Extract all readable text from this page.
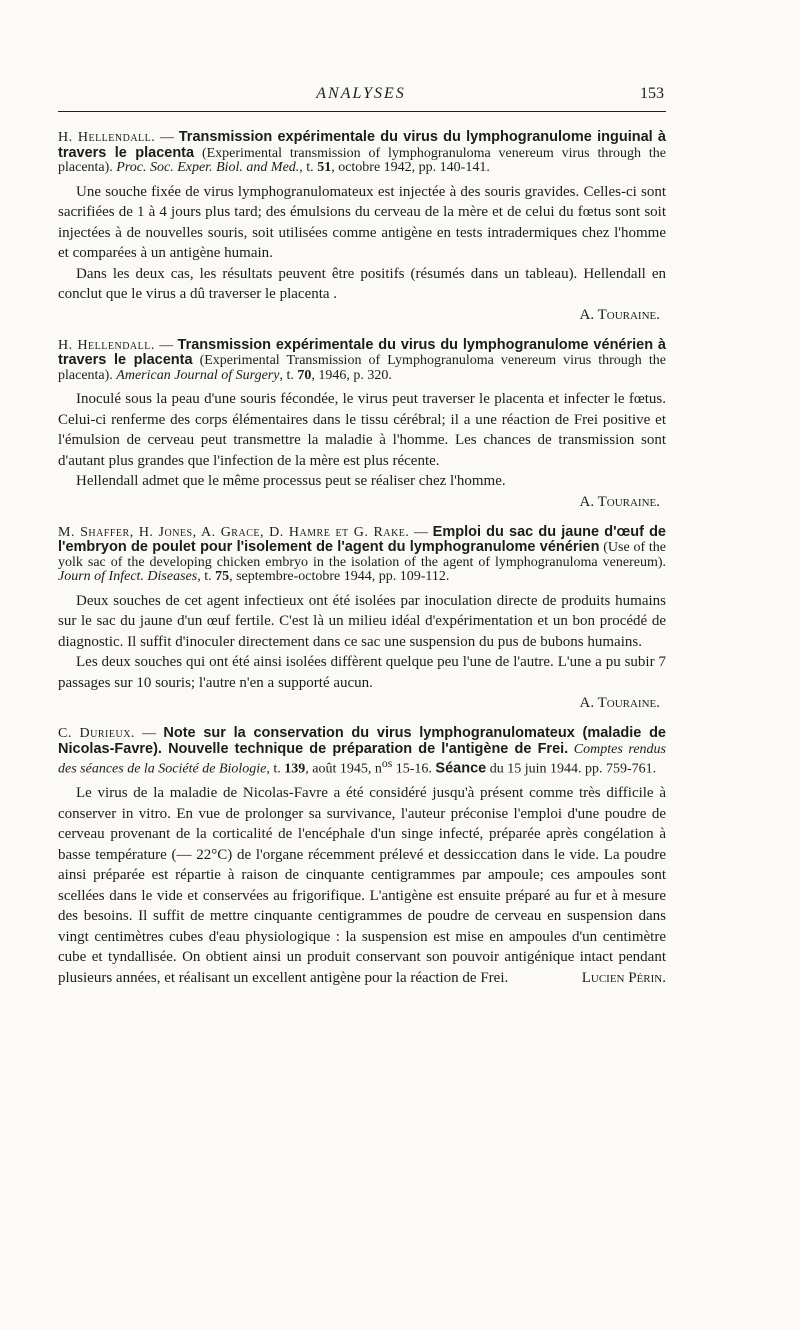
ANALYSES	153
H. Hellendall. — Transmission expérimentale du virus du lymphogranulome inguinal à travers le placenta (Experimental transmission of lymphogranuloma venereum virus through the placenta). Proc. Soc. Exper. Biol. and Med., t. 51, octobre 1942, pp. 140-141.

Une souche fixée de virus lymphogranulomateux est injectée à des souris gravides. Celles-ci sont sacrifiées de 1 à 4 jours plus tard; des émulsions du cerveau de la mère et de celui du fœtus sont soit injectées à de nouvelles souris, soit utilisées comme antigène en tests intradermiques chez l'homme et comparées à un antigène humain.

Dans les deux cas, les résultats peuvent être positifs (résumés dans un tableau). Hellendall en conclut que le virus a dû traverser le placenta .

A. Touraine.
H. Hellendall. — Transmission expérimentale du virus du lymphogranulome vénérien à travers le placenta (Experimental Transmission of Lymphogranuloma venereum virus through the placenta). American Journal of Surgery, t. 70, 1946, p. 320.

Inoculé sous la peau d'une souris fécondée, le virus peut traverser le placenta et infecter le fœtus. Celui-ci renferme des corps élémentaires dans le tissu cérébral; il a une réaction de Frei positive et l'émulsion de cerveau peut transmettre la maladie à l'homme. Les chances de transmission sont d'autant plus grandes que l'infection de la mère est plus récente.

Hellendall admet que le même processus peut se réaliser chez l'homme.

A. Touraine.
M. Shaffer, H. Jones, A. Grace, D. Hamre et G. Rake. — Emploi du sac du jaune d'œuf de l'embryon de poulet pour l'isolement de l'agent du lymphogranulome vénérien (Use of the yolk sac of the developing chicken embryo in the isolation of the agent of lymphogranuloma venereum). Journ of Infect. Diseases, t. 75, septembre-octobre 1944, pp. 109-112.

Deux souches de cet agent infectieux ont été isolées par inoculation directe de produits humains sur le sac du jaune d'un œuf fertile. C'est là un milieu idéal d'expérimentation et un bon procédé de diagnostic. Il suffit d'inoculer directement dans ce sac une suspension du pus de bubons humains.

Les deux souches qui ont été ainsi isolées diffèrent quelque peu l'une de l'autre. L'une a pu subir 7 passages sur 10 souris; l'autre n'en a supporté aucun.

A. Touraine.
C. Durieux. — Note sur la conservation du virus lymphogranulomateux (maladie de Nicolas-Favre). Nouvelle technique de préparation de l'antigène de Frei. Comptes rendus des séances de la Société de Biologie, t. 139, août 1945, $n^{os}$ 15-16. Séance du 15 juin 1944. pp. 759-761.

Le virus de la maladie de Nicolas-Favre a été considéré jusqu'à présent comme très difficile à conserver in vitro. En vue de prolonger sa survivance, l'auteur préconise l'emploi d'une poudre de cerveau provenant de la corticalité de l'encéphale d'un singe infecté, préparée après congélation à basse température (— 22°C) de l'organe récemment prélevé et dessiccation dans le vide. La poudre ainsi préparée est répartie à raison de cinquante centigrammes par ampoule; ces ampoules sont scellées dans le vide et conservées au frigorifique. L'antigène est ensuite préparé au fur et à mesure des besoins. Il suffit de mettre cinquante centigrammes de poudre de cerveau en suspension dans vingt centimètres cubes d'eau physiologique : la suspension est mise en ampoules d'un centimètre cube et tyndallisée. On obtient ainsi un produit conservant son pouvoir antigénique intact pendant plusieurs années, et réalisant un excellent antigène pour la réaction de Frei.	Lucien Périn.
